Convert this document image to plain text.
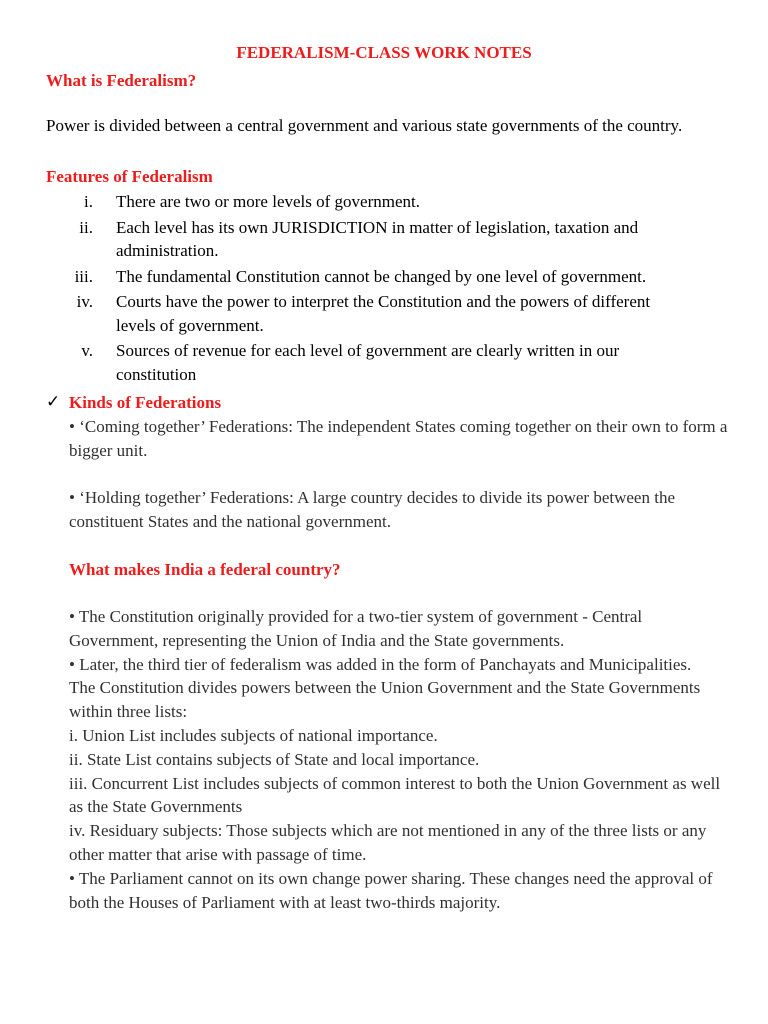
FEDERALISM-CLASS WORK NOTES
What is Federalism?
Power is divided between a central government and various state governments of the country.
Features of Federalism
i.	There are two or more levels of government.
ii.	Each level has its own JURISDICTION in matter of legislation, taxation and administration.
iii.	The fundamental Constitution cannot be changed by one level of government.
iv.	Courts have the power to interpret the Constitution and the powers of different levels of government.
v.	Sources of revenue for each level of government are clearly written in our constitution
✓ Kinds of Federations
• ‘Coming together’ Federations: The independent States coming together on their own to form a bigger unit.
• ‘Holding together’ Federations: A large country decides to divide its power between the constituent States and the national government.
What makes India a federal country?
• The Constitution originally provided for a two-tier system of government - Central Government, representing the Union of India and the State governments.
• Later, the third tier of federalism was added in the form of Panchayats and Municipalities.
The Constitution divides powers between the Union Government and the State Governments within three lists:
i. Union List includes subjects of national importance.
ii. State List contains subjects of State and local importance.
iii. Concurrent List includes subjects of common interest to both the Union Government as well as the State Governments
iv. Residuary subjects: Those subjects which are not mentioned in any of the three lists or any other matter that arise with passage of time.
• The Parliament cannot on its own change power sharing. These changes need the approval of both the Houses of Parliament with at least two-thirds majority.
